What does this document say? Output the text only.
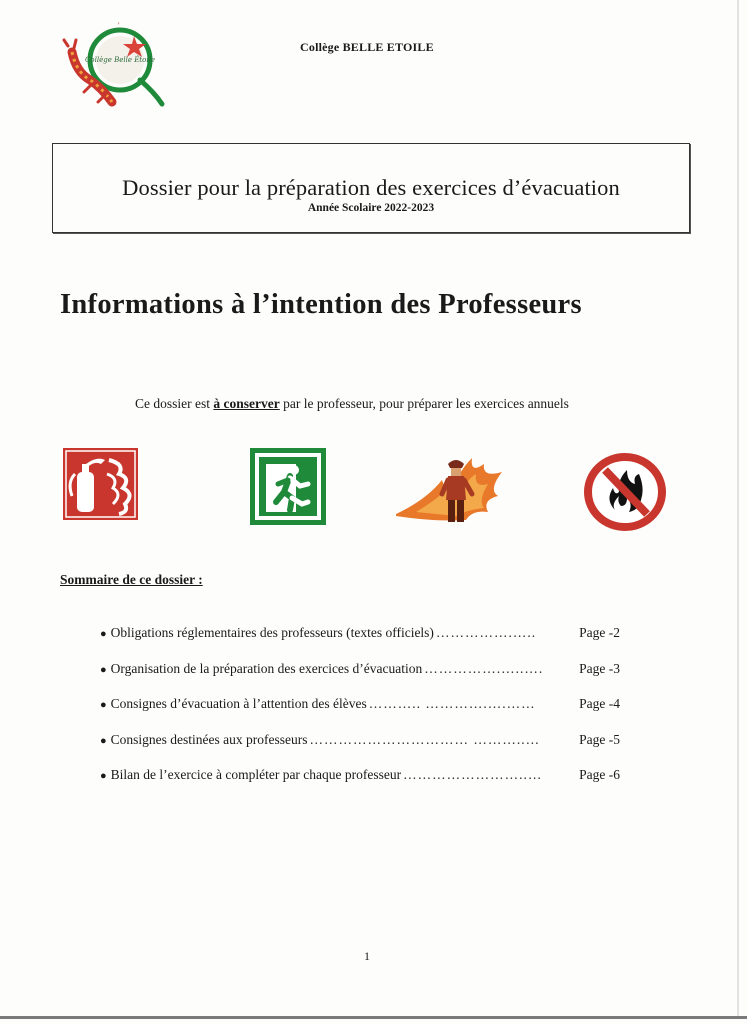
Collège Belle Étoile
'
Collège BELLE ETOILE
Dossier pour la préparation des exercices d’évacuation
Année Scolaire 2022-2023
Informations à l’intention des Professeurs
Ce dossier est à conserver par le professeur, pour préparer les exercices annuels
Sommaire de ce dossier :
● Obligations réglementaires des professeurs (textes officiels) …………….…..	Page -2
● Organisation de la préparation des exercices d’évacuation …………….…..….	Page -3
● Consignes d’évacuation à l’attention des élèves ……….. ………….….……	Page -4
● Consignes destinées aux professeurs …………………………… ………..…	Page -5
● Bilan de l’exercice à compléter par chaque professeur ……………………..…	Page -6
1
